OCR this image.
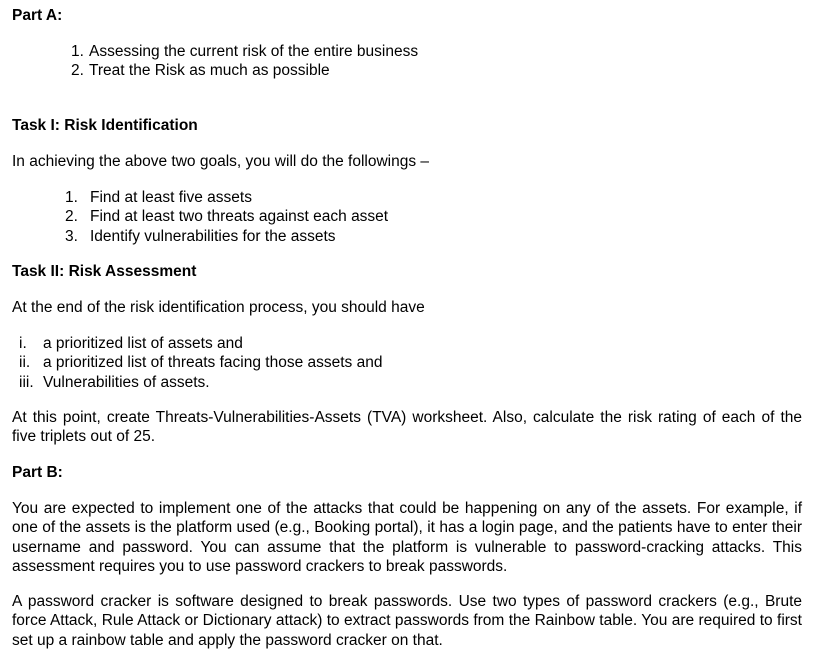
Part A:
1. Assessing the current risk of the entire business
2. Treat the Risk as much as possible
Task I: Risk Identification
In achieving the above two goals, you will do the followings –
1. Find at least five assets
2. Find at least two threats against each asset
3. Identify vulnerabilities for the assets
Task II: Risk Assessment
At the end of the risk identification process, you should have
i. a prioritized list of assets and
ii. a prioritized list of threats facing those assets and
iii. Vulnerabilities of assets.

At this point, create Threats-Vulnerabilities-Assets (TVA) worksheet. Also, calculate the risk rating of each of the five triplets out of 25.

Part B:

You are expected to implement one of the attacks that could be happening on any of the assets. For example, if one of the assets is the platform used (e.g., Booking portal), it has a login page, and the patients have to enter their username and password. You can assume that the platform is vulnerable to password-cracking attacks. This assessment requires you to use password crackers to break passwords.

A password cracker is software designed to break passwords. Use two types of password crackers (e.g., Brute force Attack, Rule Attack or Dictionary attack) to extract passwords from the Rainbow table. You are required to first set up a rainbow table and apply the password cracker on that.
